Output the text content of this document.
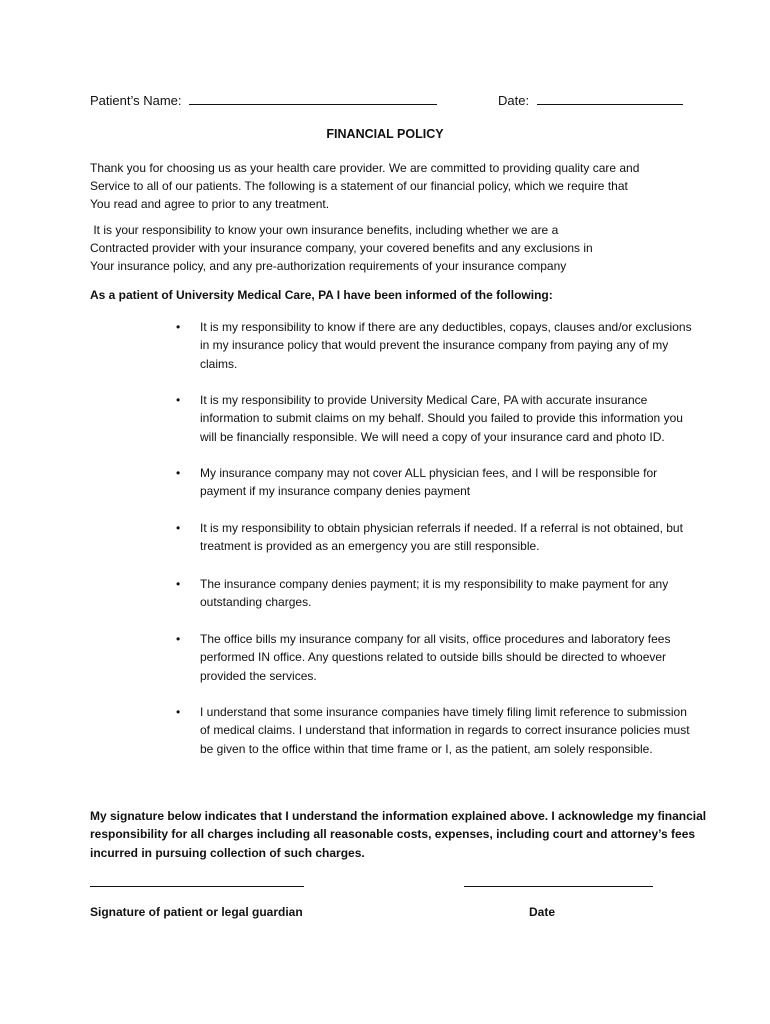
Patient’s Name:	Date:
FINANCIAL POLICY
Thank you for choosing us as your health care provider. We are committed to providing quality care and
Service to all of our patients. The following is a statement of our financial policy, which we require that
You read and agree to prior to any treatment.
It is your responsibility to know your own insurance benefits, including whether we are a
Contracted provider with your insurance company, your covered benefits and any exclusions in
Your insurance policy, and any pre-authorization requirements of your insurance company
As a patient of University Medical Care, PA I have been informed of the following:
•	It is my responsibility to know if there are any deductibles, copays, clauses and/or exclusions
in my insurance policy that would prevent the insurance company from paying any of my
claims.
•	It is my responsibility to provide University Medical Care, PA with accurate insurance
information to submit claims on my behalf. Should you failed to provide this information you
will be financially responsible. We will need a copy of your insurance card and photo ID.
•	My insurance company may not cover ALL physician fees, and I will be responsible for
payment if my insurance company denies payment
•	It is my responsibility to obtain physician referrals if needed. If a referral is not obtained, but
treatment is provided as an emergency you are still responsible.
•	The insurance company denies payment; it is my responsibility to make payment for any
outstanding charges.
•	The office bills my insurance company for all visits, office procedures and laboratory fees
performed IN office. Any questions related to outside bills should be directed to whoever
provided the services.
•	I understand that some insurance companies have timely filing limit reference to submission
of medical claims. I understand that information in regards to correct insurance policies must
be given to the office within that time frame or I, as the patient, am solely responsible.
My signature below indicates that I understand the information explained above. I acknowledge my financial
responsibility for all charges including all reasonable costs, expenses, including court and attorney’s fees
incurred in pursuing collection of such charges.
Signature of patient or legal guardian	Date
